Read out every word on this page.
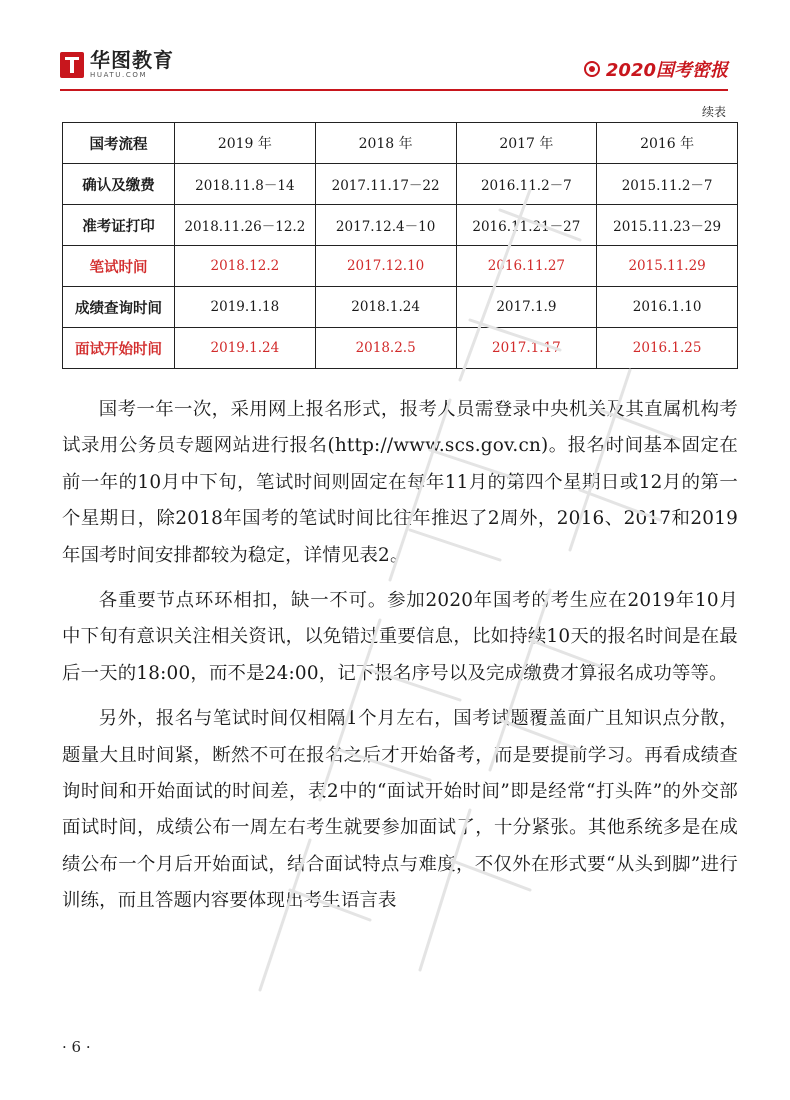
华图教育
HUATU.COM	2020国考密报
续表
国考流程	2019 年	2018 年	2017 年	2016 年
确认及缴费	2018.11.8－14	2017.11.17－22	2016.11.2－7	2015.11.2－7
准考证打印	2018.11.26－12.2	2017.12.4－10	2016.11.21－27	2015.11.23－29
笔试时间	2018.12.2	2017.12.10	2016.11.27	2015.11.29
成绩查询时间	2019.1.18	2018.1.24	2017.1.9	2016.1.10
面试开始时间	2019.1.24	2018.2.5	2017.1.17	2016.1.25

国考一年一次，采用网上报名形式，报考人员需登录中央机关及其直属机构考试录用公务员专题网站进行报名(http://www.scs.gov.cn)。报名时间基本固定在前一年的10月中下旬，笔试时间则固定在每年11月的第四个星期日或12月的第一个星期日，除2018年国考的笔试时间比往年推迟了2周外，2016、2017和2019年国考时间安排都较为稳定，详情见表2。

各重要节点环环相扣，缺一不可。参加2020年国考的考生应在2019年10月中下旬有意识关注相关资讯，以免错过重要信息，比如持续10天的报名时间是在最后一天的18:00，而不是24:00，记下报名序号以及完成缴费才算报名成功等等。

另外，报名与笔试时间仅相隔1个月左右，国考试题覆盖面广且知识点分散，题量大且时间紧，断然不可在报名之后才开始备考，而是要提前学习。再看成绩查询时间和开始面试的时间差，表2中的“面试开始时间”即是经常“打头阵”的外交部面试时间，成绩公布一周左右考生就要参加面试了，十分紧张。其他系统多是在成绩公布一个月后开始面试，结合面试特点与难度，不仅外在形式要“从头到脚”进行训练，而且答题内容要体现出考生语言表

· 6 ·
